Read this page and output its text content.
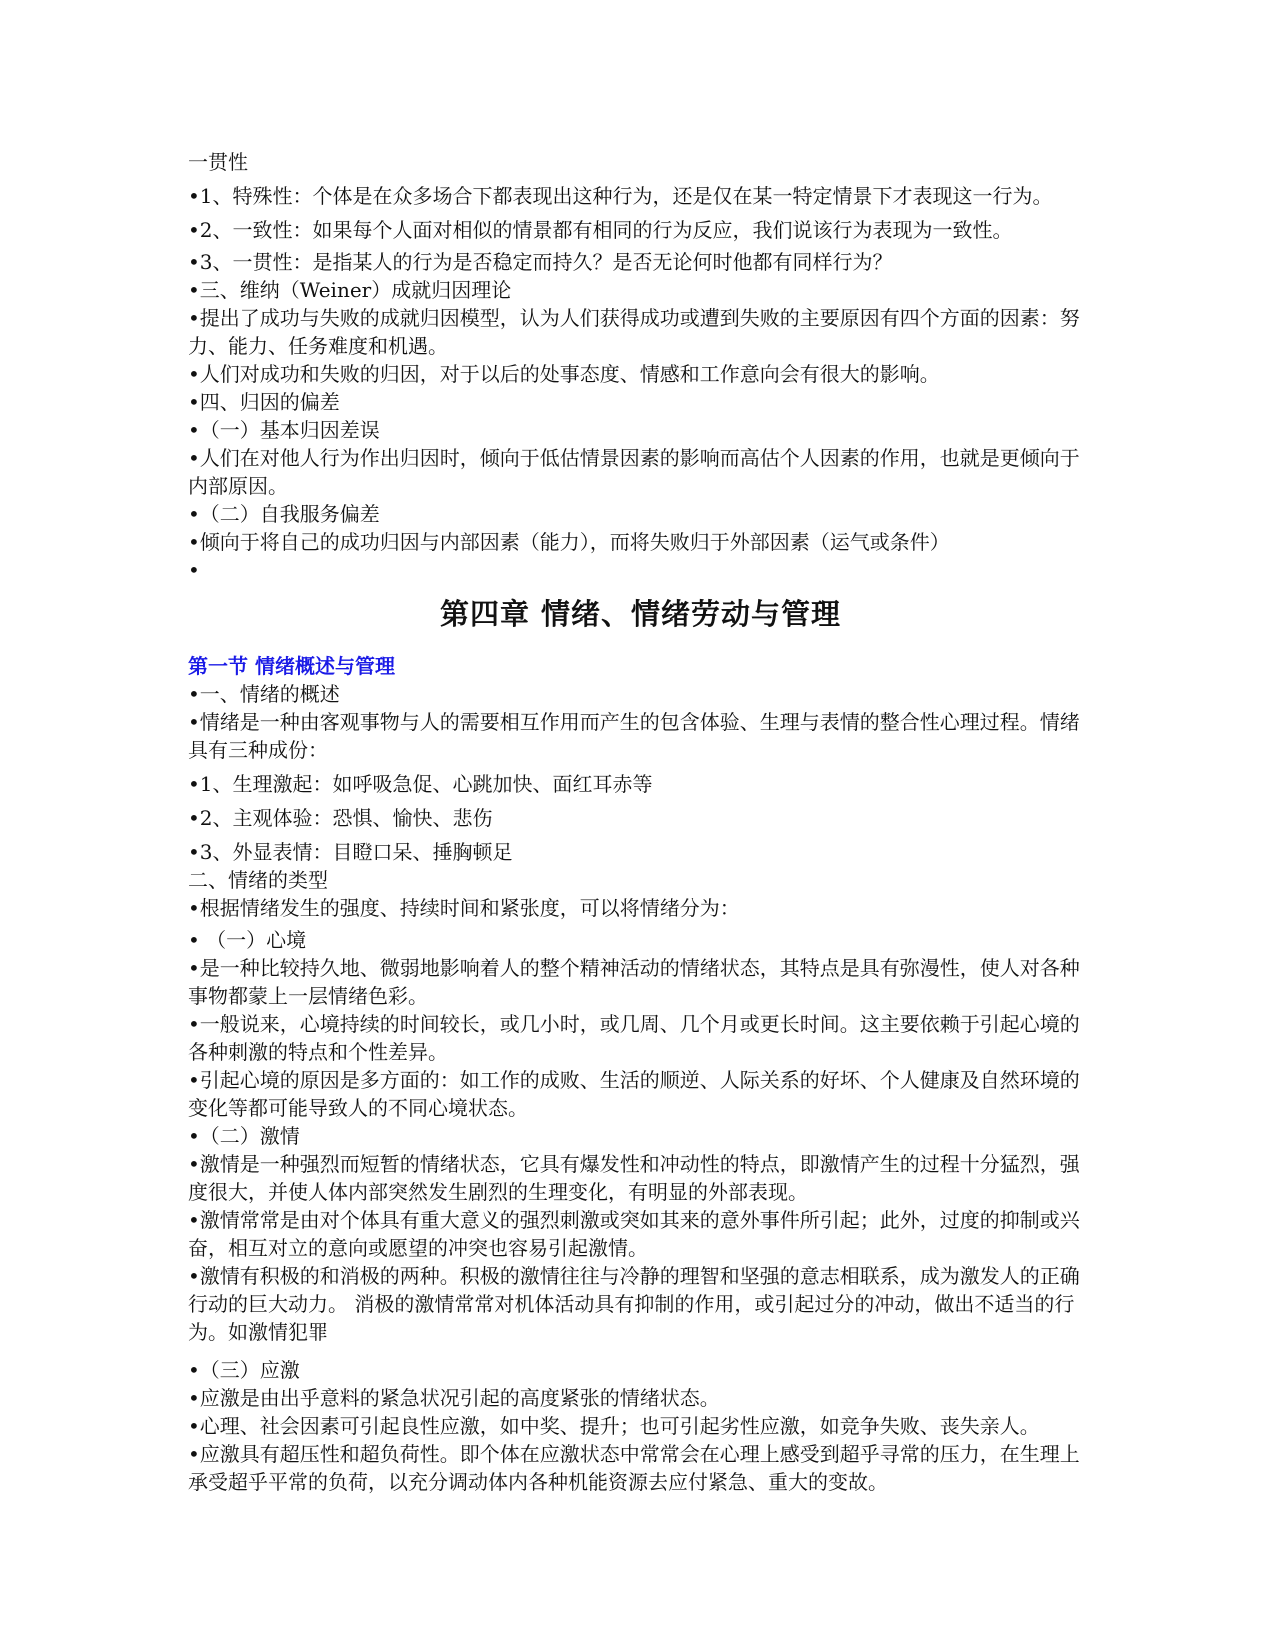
一贯性

•1、特殊性：个体是在众多场合下都表现出这种行为，还是仅在某一特定情景下才表现这一行为。

•2、一致性：如果每个人面对相似的情景都有相同的行为反应，我们说该行为表现为一致性。

•3、一贯性：是指某人的行为是否稳定而持久？是否无论何时他都有同样行为？

•三、维纳（Weiner）成就归因理论

•提出了成功与失败的成就归因模型，认为人们获得成功或遭到失败的主要原因有四个方面的因素：努力、能力、任务难度和机遇。

•人们对成功和失败的归因，对于以后的处事态度、情感和工作意向会有很大的影响。

•四、归因的偏差

•（一）基本归因差误

•人们在对他人行为作出归因时，倾向于低估情景因素的影响而高估个人因素的作用，也就是更倾向于内部原因。

•（二）自我服务偏差

•倾向于将自己的成功归因与内部因素（能力），而将失败归于外部因素（运气或条件）

•

第四章 情绪、情绪劳动与管理
第一节 情绪概述与管理

•一、情绪的概述

•情绪是一种由客观事物与人的需要相互作用而产生的包含体验、生理与表情的整合性心理过程。情绪具有三种成份：

•1、生理激起：如呼吸急促、心跳加快、面红耳赤等

•2、主观体验：恐惧、愉快、悲伤

•3、外显表情：目瞪口呆、捶胸顿足

二、情绪的类型

•根据情绪发生的强度、持续时间和紧张度，可以将情绪分为：

• （一）心境

•是一种比较持久地、微弱地影响着人的整个精神活动的情绪状态，其特点是具有弥漫性，使人对各种事物都蒙上一层情绪色彩。

•一般说来，心境持续的时间较长，或几小时，或几周、几个月或更长时间。这主要依赖于引起心境的各种刺激的特点和个性差异。

•引起心境的原因是多方面的：如工作的成败、生活的顺逆、人际关系的好坏、个人健康及自然环境的变化等都可能导致人的不同心境状态。

•（二）激情

•激情是一种强烈而短暂的情绪状态，它具有爆发性和冲动性的特点，即激情产生的过程十分猛烈，强度很大，并使人体内部突然发生剧烈的生理变化，有明显的外部表现。

•激情常常是由对个体具有重大意义的强烈刺激或突如其来的意外事件所引起；此外，过度的抑制或兴奋，相互对立的意向或愿望的冲突也容易引起激情。

•激情有积极的和消极的两种。积极的激情往往与冷静的理智和坚强的意志相联系，成为激发人的正确行动的巨大动力。 消极的激情常常对机体活动具有抑制的作用，或引起过分的冲动，做出不适当的行为。如激情犯罪

•（三）应激

•应激是由出乎意料的紧急状况引起的高度紧张的情绪状态。

•心理、社会因素可引起良性应激，如中奖、提升；也可引起劣性应激，如竞争失败、丧失亲人。

•应激具有超压性和超负荷性。即个体在应激状态中常常会在心理上感受到超乎寻常的压力，在生理上承受超乎平常的负荷，以充分调动体内各种机能资源去应付紧急、重大的变故。
